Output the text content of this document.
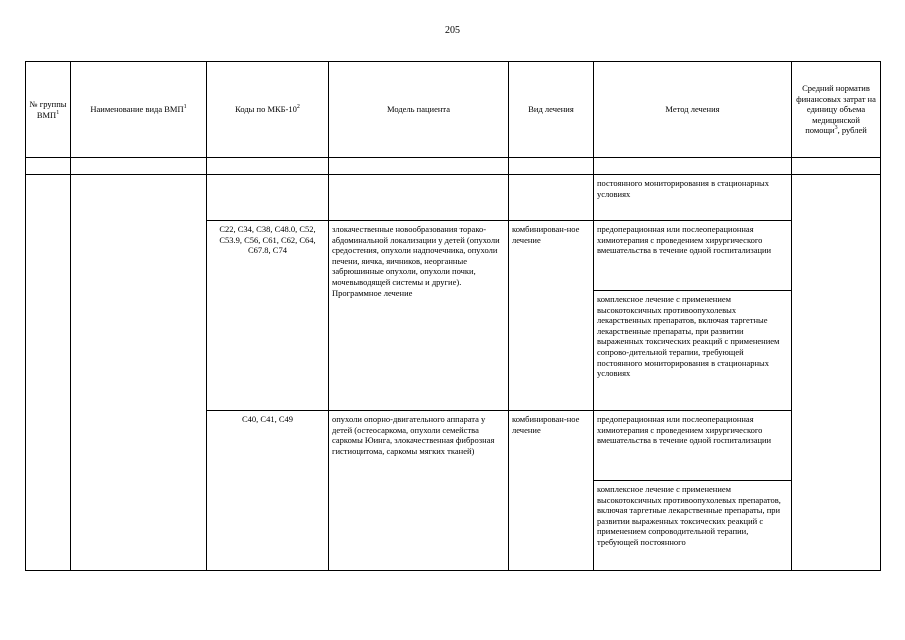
205
№ группы ВМП$^1$	Наименование вида ВМП$^1$	Коды по МКБ-$10^2$	Модель пациента	Вид лечения	Метод лечения	Средний норматив финансовых затрат на единицу объема медицинской помощи$^3$, рублей

					постоянного мониторирования в стационарных условиях	
		C22, C34, C38, C48.0, C52, C53.9, C56, C61, C62, C64, C67.8, C74	злокачественные новообразования торако-абдоминальной локализации у детей (опухоли средостения, опухоли надпочечника, опухоли печени, яичка, яичников, неорганные забрюшинные опухоли, опухоли почки, мочевыводящей системы и другие). Программное лечение	комбинирован-ное лечение	предоперационная или послеоперационная химиотерапия с проведением хирургического вмешательства в течение одной госпитализации	
					комплексное лечение с применением высокотоксичных противоопухолевых лекарственных препаратов, включая таргетные лекарственные препараты, при развитии выраженных токсических реакций с применением сопрово-дительной терапии, требующей постоянного мониторирования в стационарных условиях	
		C40, C41, C49	опухоли опорно-двигательного аппарата у детей (остеосаркома, опухоли семейства саркомы Юинга, злокачественная фиброзная гистиоцитома, саркомы мягких тканей)	комбинирован-ное лечение	предоперационная или послеоперационная химиотерапия с проведением хирургического вмешательства в течение одной госпитализации	
					комплексное лечение с применением высокотоксичных противоопухолевых препаратов, включая таргетные лекарственные препараты, при развитии выраженных токсических реакций с применением сопроводительной терапии, требующей постоянного	
